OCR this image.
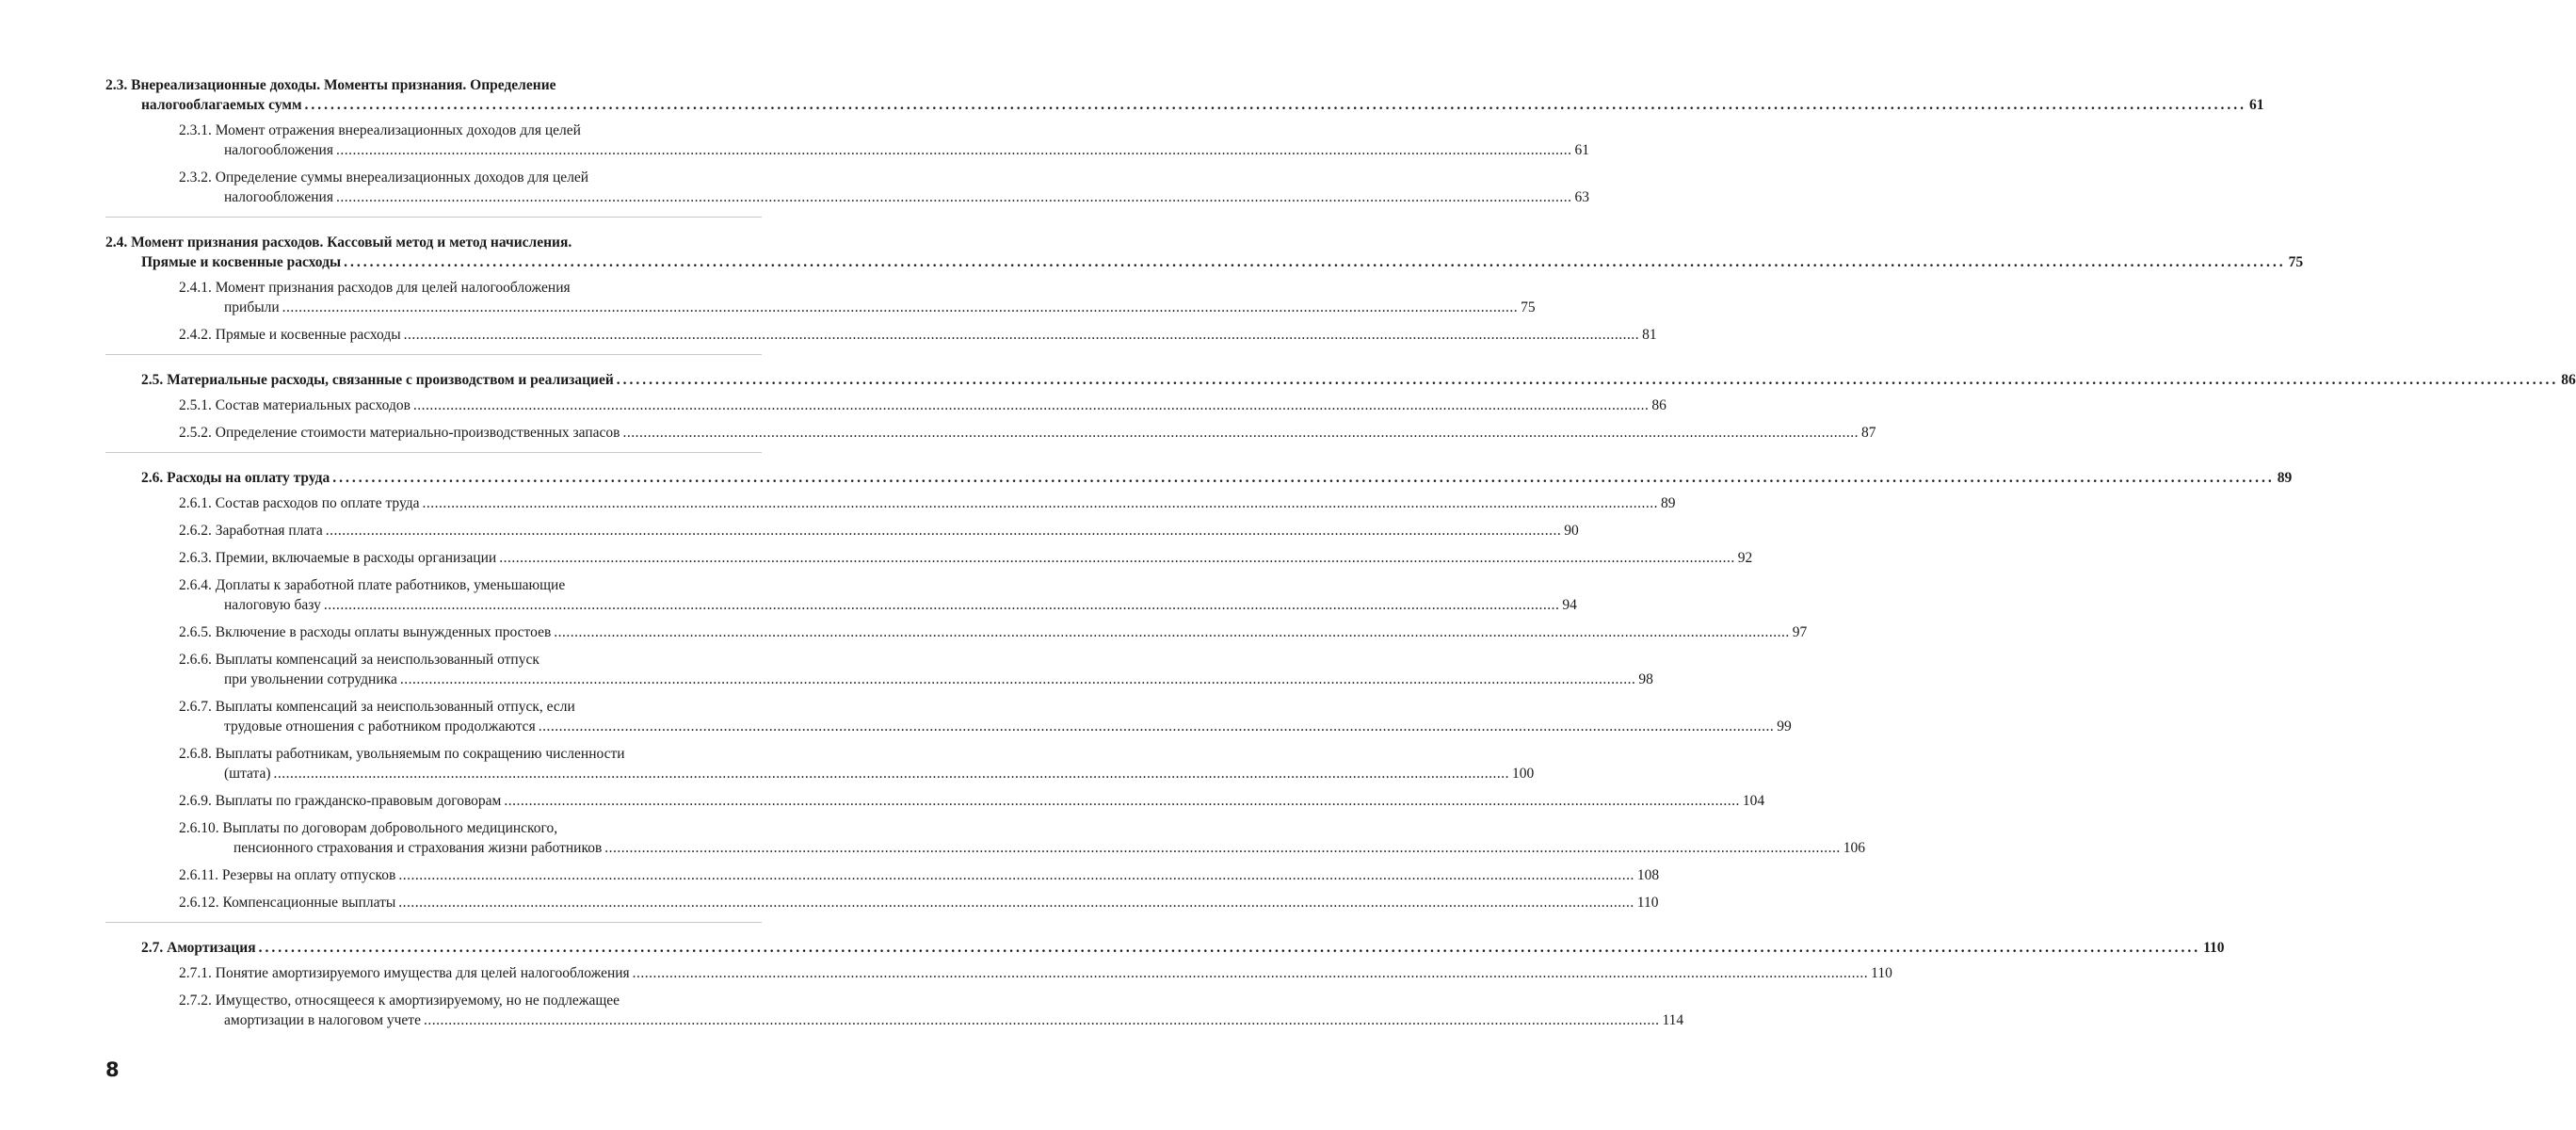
2.3. Внереализационные доходы. Моменты признания. Определение
налогооблагаемых сумм ............................................................................................................................................................................................................................................................................................................ 61
2.3.1. Момент отражения внереализационных доходов для целей
налогообложения ............................................................................................................................................................................................................................................................................................................ 61
2.3.2. Определение суммы внереализационных доходов для целей
налогообложения ............................................................................................................................................................................................................................................................................................................ 63
2.4. Момент признания расходов. Кассовый метод и метод начисления.
Прямые и косвенные расходы ............................................................................................................................................................................................................................................................................................................ 75
2.4.1. Момент признания расходов для целей налогообложения
прибыли ............................................................................................................................................................................................................................................................................................................ 75
2.4.2. Прямые и косвенные расходы ............................................................................................................................................................................................................................................................................................................ 81
2.5. Материальные расходы, связанные с производством и реализацией ............................................................................................................................................................................................................................................................................................................ 86
2.5.1. Состав материальных расходов ............................................................................................................................................................................................................................................................................................................ 86
2.5.2. Определение стоимости материально-производственных запасов ............................................................................................................................................................................................................................................................................................................ 87
2.6. Расходы на оплату труда ............................................................................................................................................................................................................................................................................................................ 89
2.6.1. Состав расходов по оплате труда ............................................................................................................................................................................................................................................................................................................ 89
2.6.2. Заработная плата ............................................................................................................................................................................................................................................................................................................ 90
2.6.3. Премии, включаемые в расходы организации ............................................................................................................................................................................................................................................................................................................ 92
2.6.4. Доплаты к заработной плате работников, уменьшающие
налоговую базу ............................................................................................................................................................................................................................................................................................................ 94
2.6.5. Включение в расходы оплаты вынужденных простоев ............................................................................................................................................................................................................................................................................................................ 97
2.6.6. Выплаты компенсаций за неиспользованный отпуск
при увольнении сотрудника ............................................................................................................................................................................................................................................................................................................ 98
2.6.7. Выплаты компенсаций за неиспользованный отпуск, если
трудовые отношения с работником продолжаются ............................................................................................................................................................................................................................................................................................................ 99
2.6.8. Выплаты работникам, увольняемым по сокращению численности
(штата) ............................................................................................................................................................................................................................................................................................................ 100
2.6.9. Выплаты по гражданско-правовым договорам ............................................................................................................................................................................................................................................................................................................ 104
2.6.10. Выплаты по договорам добровольного медицинского,
пенсионного страхования и страхования жизни работников ............................................................................................................................................................................................................................................................................................................ 106
2.6.11. Резервы на оплату отпусков ............................................................................................................................................................................................................................................................................................................ 108
2.6.12. Компенсационные выплаты ............................................................................................................................................................................................................................................................................................................ 110
2.7. Амортизация ............................................................................................................................................................................................................................................................................................................ 110
2.7.1. Понятие амортизируемого имущества для целей налогообложения ............................................................................................................................................................................................................................................................................................................ 110
2.7.2. Имущество, относящееся к амортизируемому, но не подлежащее
амортизации в налоговом учете ............................................................................................................................................................................................................................................................................................................ 114
8
